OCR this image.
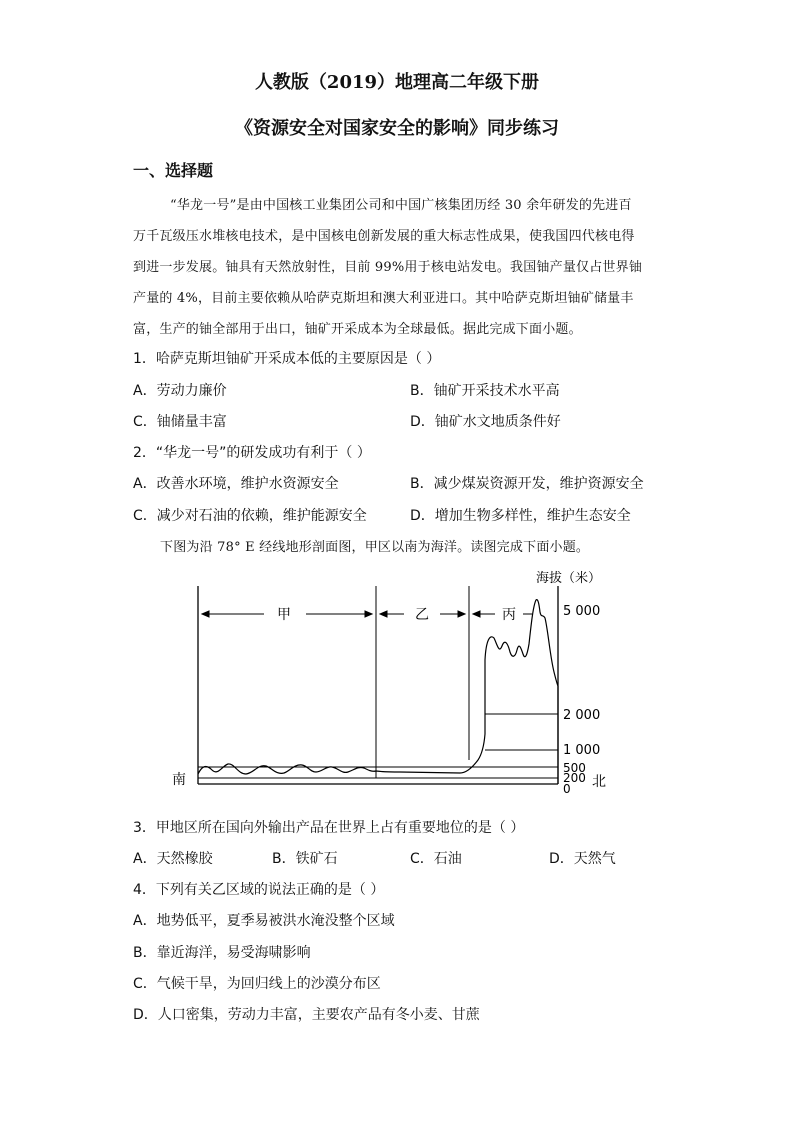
人教版（2019）地理高二年级下册
《资源安全对国家安全的影响》同步练习
一、选择题
“华龙一号”是由中国核工业集团公司和中国广核集团历经 30 余年研发的先进百
万千瓦级压水堆核电技术，是中国核电创新发展的重大标志性成果，使我国四代核电得
到进一步发展。铀具有天然放射性，目前 99%用于核电站发电。我国铀产量仅占世界铀
产量的 4%，目前主要依赖从哈萨克斯坦和澳大利亚进口。其中哈萨克斯坦铀矿储量丰
富，生产的铀全部用于出口，铀矿开采成本为全球最低。据此完成下面小题。
1．哈萨克斯坦铀矿开采成本低的主要原因是（ ）
A．劳动力廉价	B．铀矿开采技术水平高
C．铀储量丰富	D．铀矿水文地质条件好
2．“华龙一号”的研发成功有利于（ ）
A．改善水环境，维护水资源安全	B．减少煤炭资源开发，维护资源安全
C．减少对石油的依赖，维护能源安全	D．增加生物多样性，维护生态安全
下图为沿 78° E 经线地形剖面图，甲区以南为海洋。读图完成下面小题。
海拔（米）
甲	乙	丙	5 000
2 000
1 000
500
200
0
南	北
3．甲地区所在国向外输出产品在世界上占有重要地位的是（ ）
A．天然橡胶	B．铁矿石	C．石油	D．天然气
4．下列有关乙区域的说法正确的是（ ）
A．地势低平，夏季易被洪水淹没整个区域
B．靠近海洋，易受海啸影响
C．气候干旱，为回归线上的沙漠分布区
D．人口密集，劳动力丰富，主要农产品有冬小麦、甘蔗
